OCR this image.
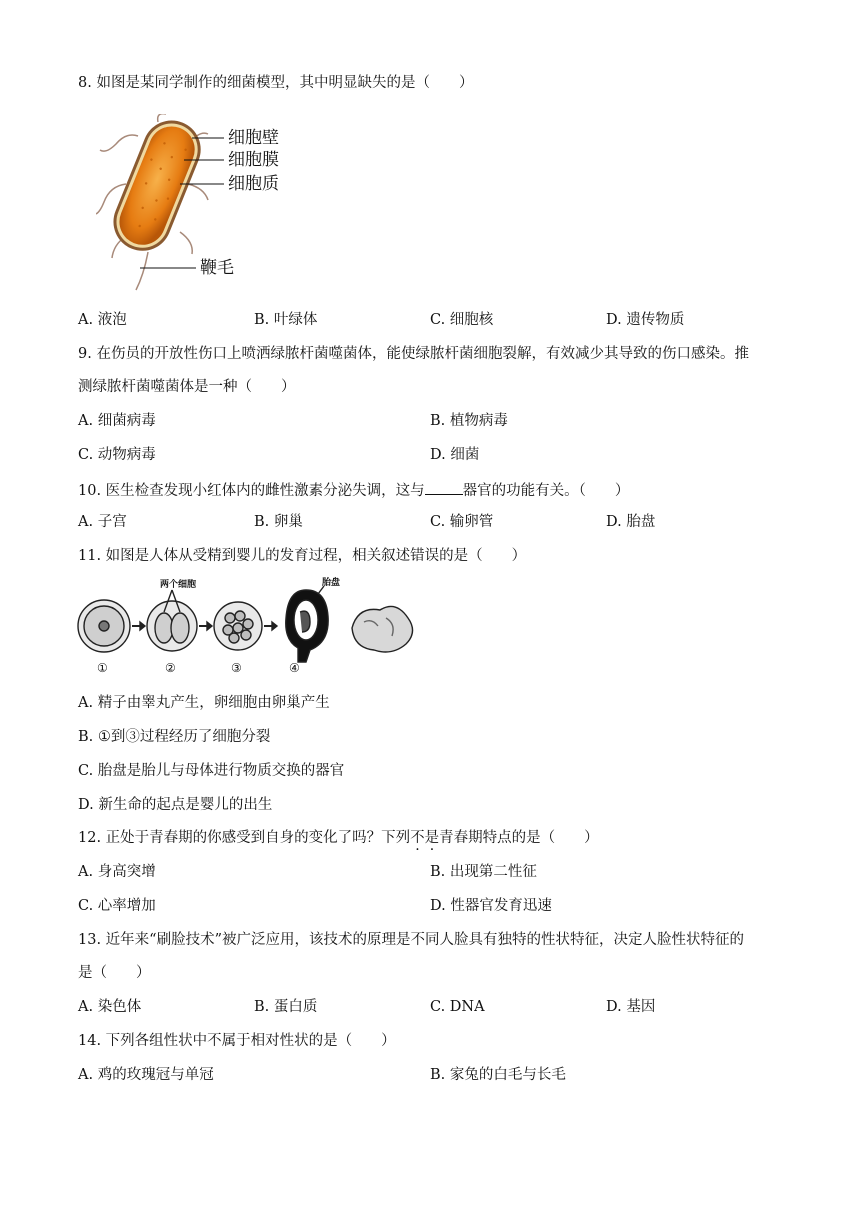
8. 如图是某同学制作的细菌模型，其中明显缺失的是（　　）
细胞壁
细胞膜
细胞质
鞭毛
A. 液泡	B. 叶绿体	C. 细胞核	D. 遗传物质
9. 在伤员的开放性伤口上喷洒绿脓杆菌噬菌体，能使绿脓杆菌细胞裂解，有效减少其导致的伤口感染。推
测绿脓杆菌噬菌体是一种（　　）
A. 细菌病毒	B. 植物病毒
C. 动物病毒	D. 细菌
10. 医生检查发现小红体内的雌性激素分泌失调，这与	器官的功能有关。（　　）
A. 子宫	B. 卵巢	C. 输卵管	D. 胎盘
11. 如图是人体从受精到婴儿的发育过程，相关叙述错误的是（　　）
两个细胞	胎盘
①	②	③	④
A. 精子由睾丸产生，卵细胞由卵巢产生
B. ①到③过程经历了细胞分裂
C. 胎盘是胎儿与母体进行物质交换的器官
D. 新生命的起点是婴儿的出生
12. 正处于青春期的你感受到自身的变化了吗？下列不是青春期特点的是（　　）
A. 身高突增	B. 出现第二性征
C. 心率增加	D. 性器官发育迅速
13. 近年来“刷脸技术”被广泛应用，该技术的原理是不同人脸具有独特的性状特征，决定人脸性状特征的
是（　　）
A. 染色体	B. 蛋白质	C. DNA	D. 基因
14. 下列各组性状中不属于相对性状的是（　　）
A. 鸡的玫瑰冠与单冠	B. 家兔的白毛与长毛
